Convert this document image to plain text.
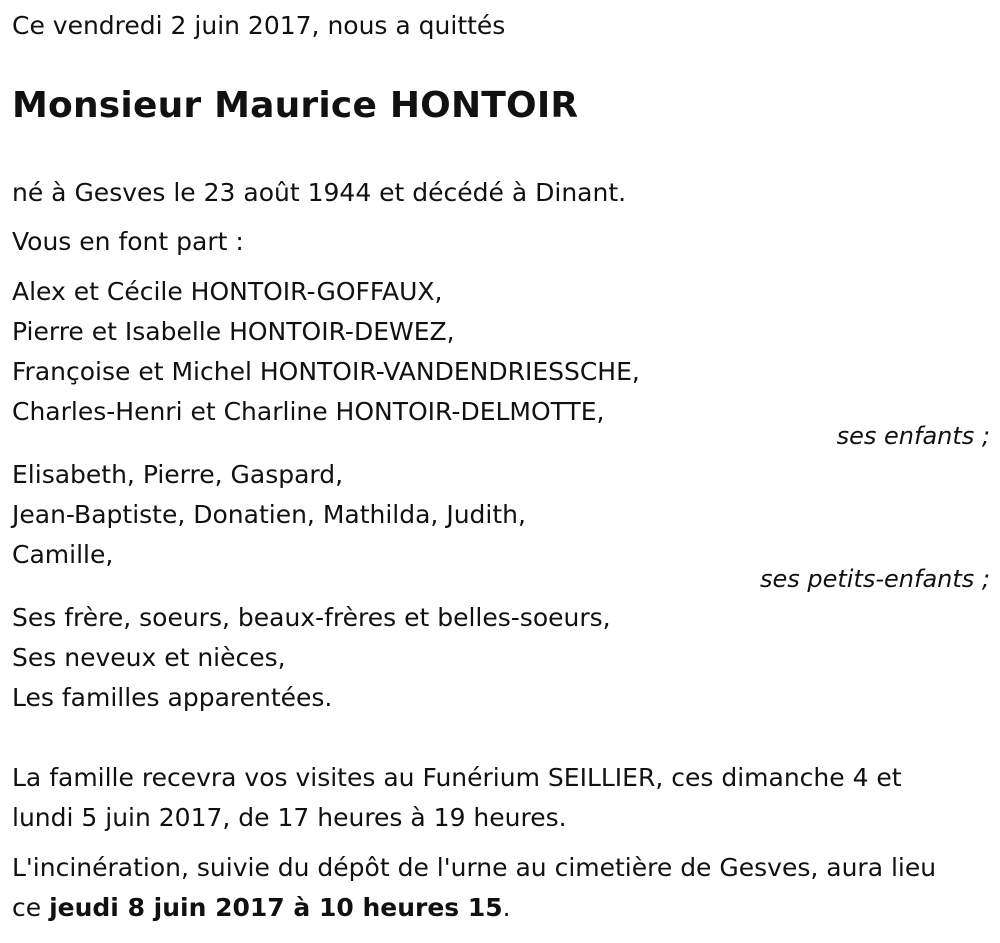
Ce vendredi 2 juin 2017, nous a quittés
Monsieur Maurice HONTOIR
né à Gesves le 23 août 1944 et décédé à Dinant.
Vous en font part :
Alex et Cécile HONTOIR-GOFFAUX,
Pierre et Isabelle HONTOIR-DEWEZ,
Françoise et Michel HONTOIR-VANDENDRIESSCHE,
Charles-Henri et Charline HONTOIR-DELMOTTE,
ses enfants ;
Elisabeth, Pierre, Gaspard,
Jean-Baptiste, Donatien, Mathilda, Judith,
Camille,
ses petits-enfants ;
Ses frère, soeurs, beaux-frères et belles-soeurs,
Ses neveux et nièces,
Les familles apparentées.
La famille recevra vos visites au Funérium SEILLIER, ces dimanche 4 et
lundi 5 juin 2017, de 17 heures à 19 heures.
L'incinération, suivie du dépôt de l'urne au cimetière de Gesves, aura lieu
ce jeudi 8 juin 2017 à 10 heures 15.
